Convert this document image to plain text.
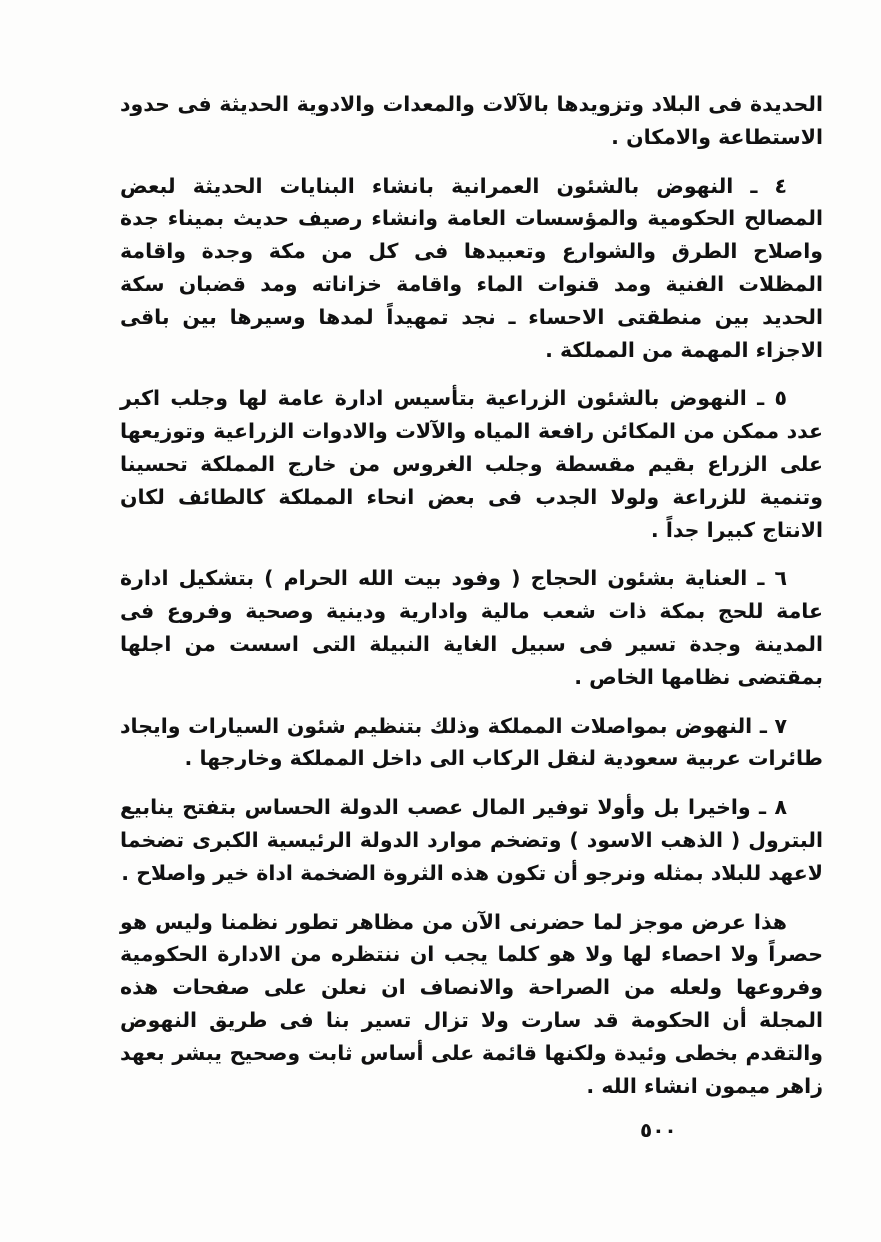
الحديدة فى البلاد وتزويدها بالآلات والمعدات والادوية الحديثة فى حدود الاستطاعة والامكان .

٤ ـ النهوض بالشئون العمرانية بانشاء البنايات الحديثة لبعض المصالح الحكومية والمؤسسات العامة وانشاء رصيف حديث بميناء جدة واصلاح الطرق والشوارع وتعبيدها فى كل من مكة وجدة واقامة المظلات الفنية ومد قنوات الماء واقامة خزاناته ومد قضبان سكة الحديد بين منطقتى الاحساء ـ نجد تمهيداً لمدها وسيرها بين باقى الاجزاء المهمة من المملكة .

٥ ـ النهوض بالشئون الزراعية بتأسيس ادارة عامة لها وجلب اكبر عدد ممكن من المكائن رافعة المياه والآلات والادوات الزراعية وتوزيعها على الزراع بقيم مقسطة وجلب الغروس من خارج المملكة تحسينا وتنمية للزراعة ولولا الجدب فى بعض انحاء المملكة كالطائف لكان الانتاج كبيرا جداً .

٦ ـ العناية بشئون الحجاج ( وفود بيت الله الحرام ) بتشكيل ادارة عامة للحج بمكة ذات شعب مالية وادارية ودينية وصحية وفروع فى المدينة وجدة تسير فى سبيل الغاية النبيلة التى اسست من اجلها بمقتضى نظامها الخاص .

٧ ـ النهوض بمواصلات المملكة وذلك بتنظيم شئون السيارات وايجاد طائرات عربية سعودية لنقل الركاب الى داخل المملكة وخارجها .

٨ ـ واخيرا بل وأولا توفير المال عصب الدولة الحساس بتفتح ينابيع البترول ( الذهب الاسود ) وتضخم موارد الدولة الرئيسية الكبرى تضخما لاعهد للبلاد بمثله ونرجو أن تكون هذه الثروة الضخمة اداة خير واصلاح .

هذا عرض موجز لما حضرنى الآن من مظاهر تطور نظمنا وليس هو حصراً ولا احصاء لها ولا هو كلما يجب ان ننتظره من الادارة الحكومية وفروعها ولعله من الصراحة والانصاف ان نعلن على صفحات هذه المجلة أن الحكومة قد سارت ولا تزال تسير بنا فى طريق النهوض والتقدم بخطى وئيدة ولكنها قائمة على أساس ثابت وصحيح يبشر بعهد زاهر ميمون انشاء الله .

٥٠٠
